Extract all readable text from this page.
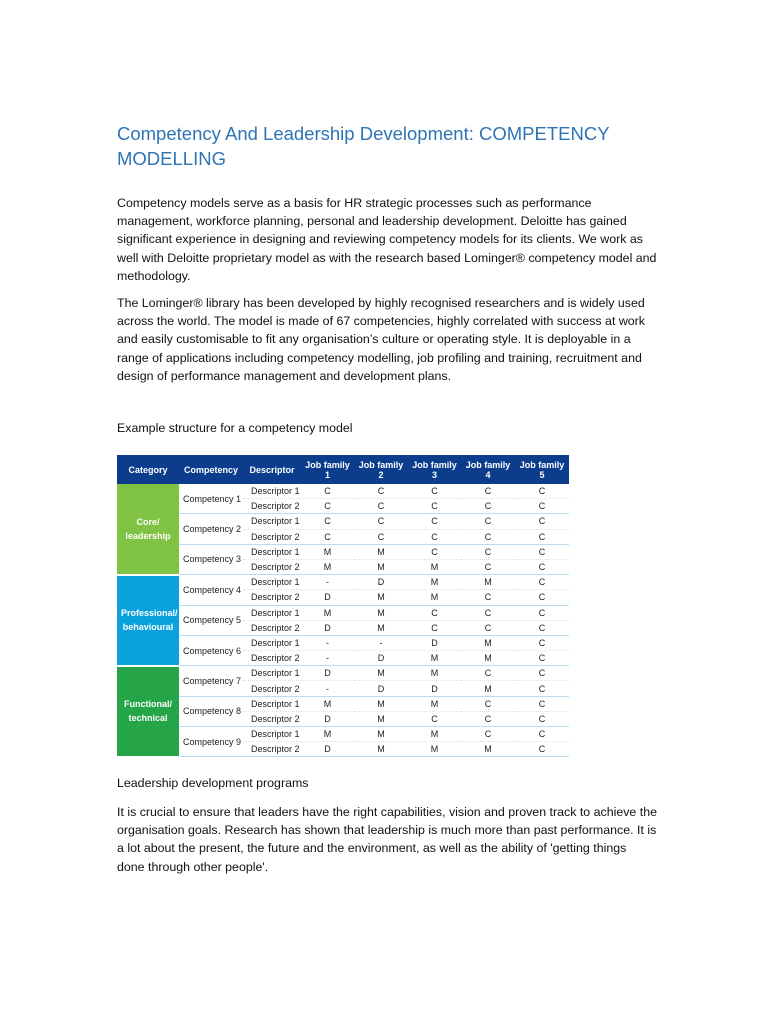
Competency And Leadership Development: COMPETENCY MODELLING
Competency models serve as a basis for HR strategic processes such as performance management, workforce planning, personal and leadership development. Deloitte has gained significant experience in designing and reviewing competency models for its clients. We work as well with Deloitte proprietary model as with the research based Lominger® competency model and methodology.
The Lominger® library has been developed by highly recognised researchers and is widely used across the world. The model is made of 67 competencies, highly correlated with success at work and easily customisable to fit any organisation’s culture or operating style. It is deployable in a range of applications including competency modelling, job profiling and training, recruitment and design of performance management and development plans.
Example structure for a competency model
Category	Competency	Descriptor	Job family 1	Job family 2	Job family 3	Job family 4	Job family 5
Core/ leadership	Competency 1	Descriptor 1	C	C	C	C	C
		Descriptor 2	C	C	C	C	C
	Competency 2	Descriptor 1	C	C	C	C	C
		Descriptor 2	C	C	C	C	C
	Competency 3	Descriptor 1	M	M	C	C	C
		Descriptor 2	M	M	M	C	C
Professional/ behavioural	Competency 4	Descriptor 1	-	D	M	M	C
		Descriptor 2	D	M	M	C	C
	Competency 5	Descriptor 1	M	M	C	C	C
		Descriptor 2	D	M	C	C	C
	Competency 6	Descriptor 1	-	-	D	M	C
		Descriptor 2	-	D	M	M	C
Functional/ technical	Competency 7	Descriptor 1	D	M	M	C	C
		Descriptor 2	-	D	D	M	C
	Competency 8	Descriptor 1	M	M	M	C	C
		Descriptor 2	D	M	C	C	C
	Competency 9	Descriptor 1	M	M	M	C	C
		Descriptor 2	D	M	M	M	C
Leadership development programs
It is crucial to ensure that leaders have the right capabilities, vision and proven track to achieve the organisation goals. Research has shown that leadership is much more than past performance. It is a lot about the present, the future and the environment, as well as the ability of 'getting things done through other people'.
